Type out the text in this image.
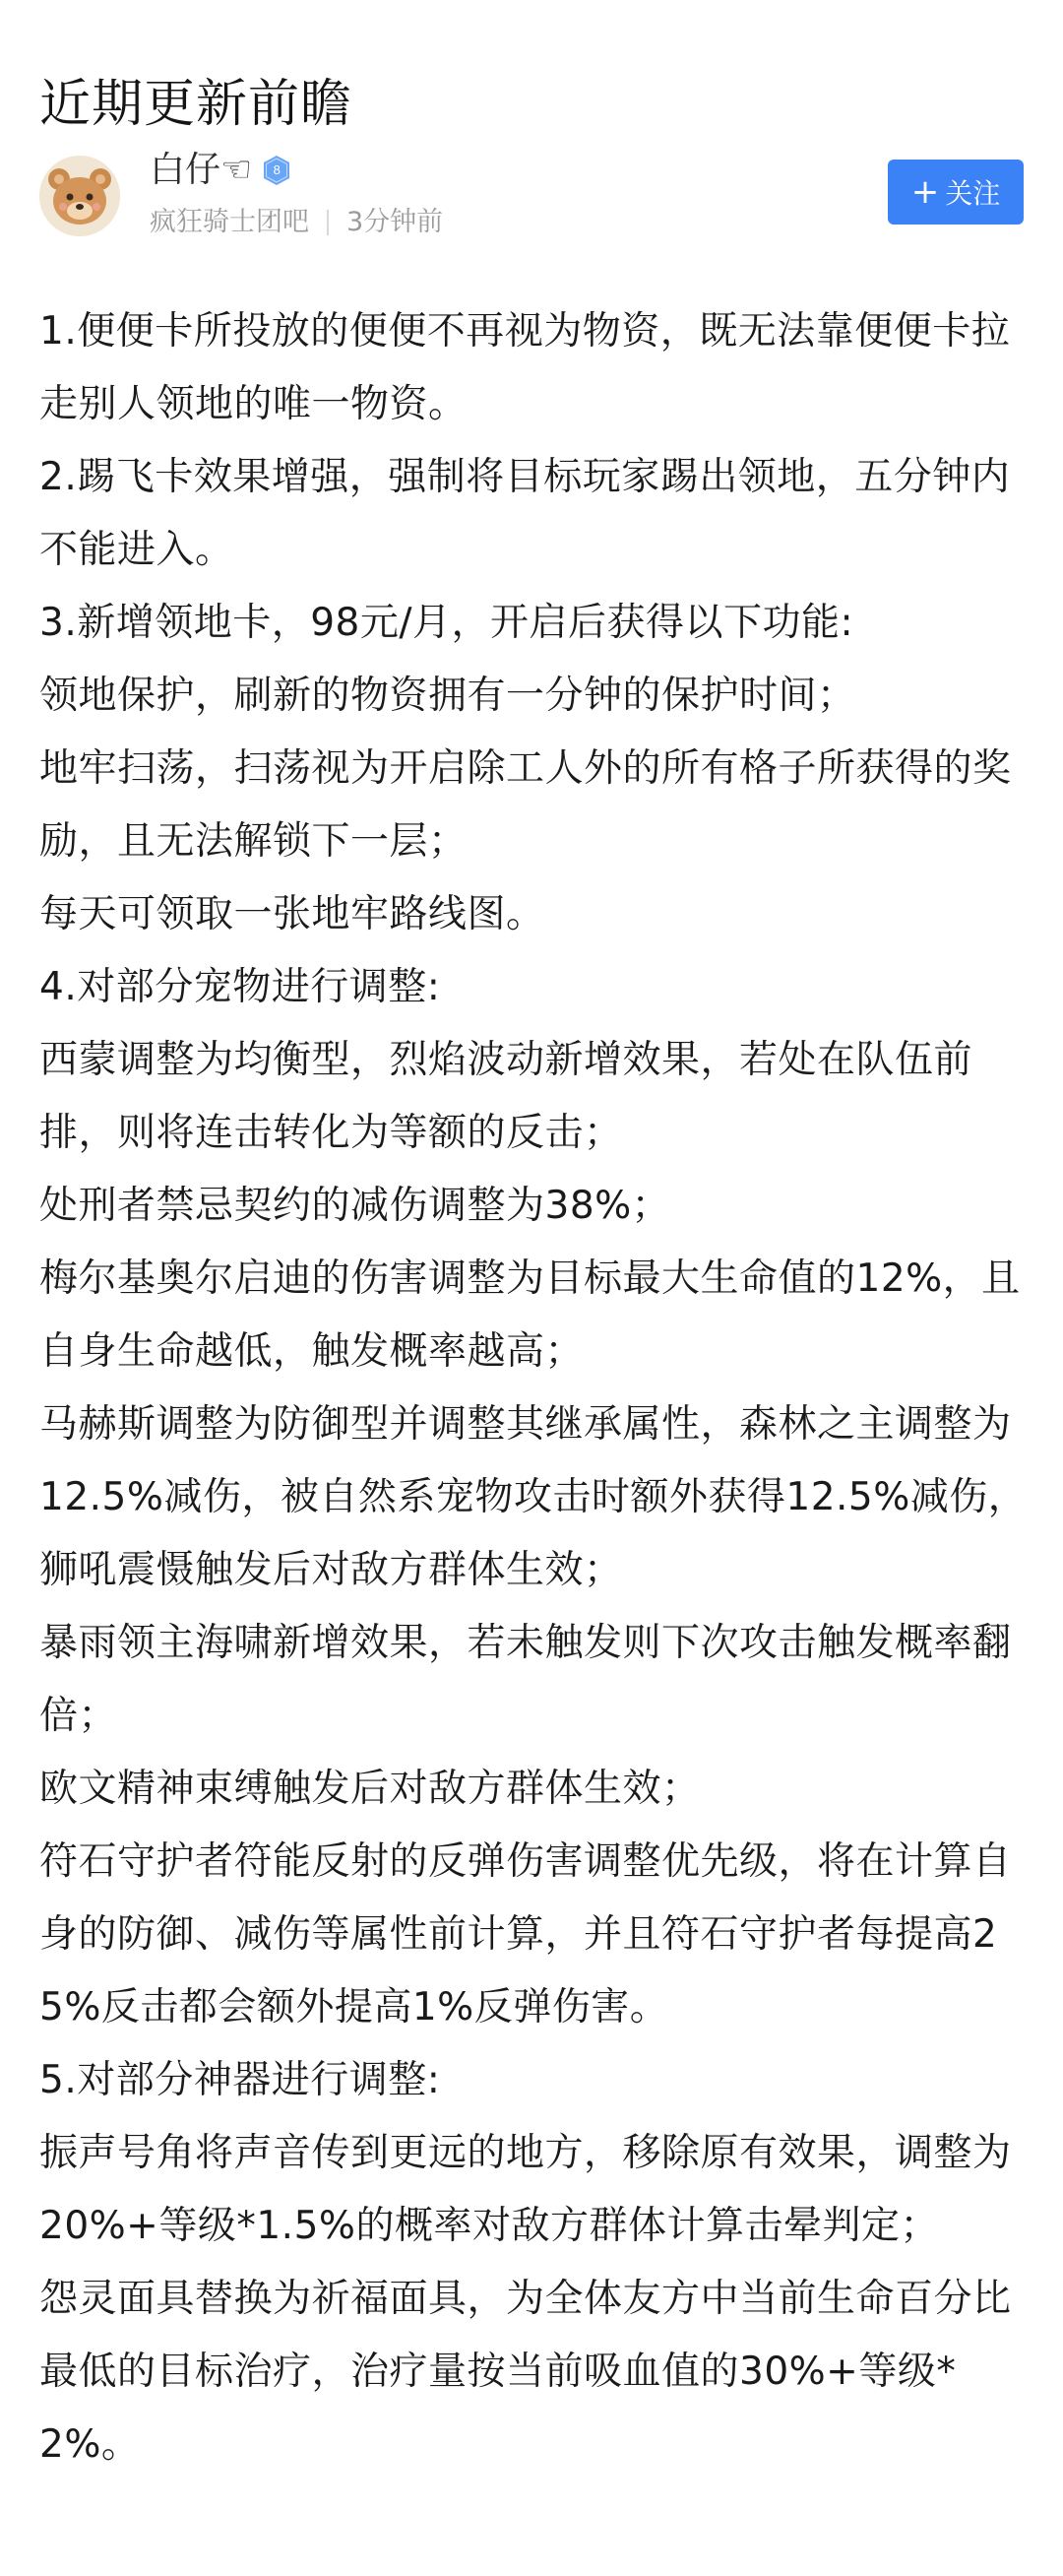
近期更新前瞻
白仔☜	8
疯狂骑士团吧 3分钟前
+ 关注

1.便便卡所投放的便便不再视为物资，既无法靠便便卡拉走别人领地的唯一物资。

2.踢飞卡效果增强，强制将目标玩家踢出领地，五分钟内不能进入。

3.新增领地卡，98元/月，开启后获得以下功能:

领地保护，刷新的物资拥有一分钟的保护时间；

地牢扫荡，扫荡视为开启除工人外的所有格子所获得的奖励，且无法解锁下一层；

每天可领取一张地牢路线图。

4.对部分宠物进行调整:

西蒙调整为均衡型，烈焰波动新增效果，若处在队伍前排，则将连击转化为等额的反击；

处刑者禁忌契约的减伤调整为38%；

梅尔基奥尔启迪的伤害调整为目标最大生命值的12%，且自身生命越低，触发概率越高；

马赫斯调整为防御型并调整其继承属性，森林之主调整为12.5%减伤，被自然系宠物攻击时额外获得12.5%减伤，狮吼震慑触发后对敌方群体生效；

暴雨领主海啸新增效果，若未触发则下次攻击触发概率翻倍；

欧文精神束缚触发后对敌方群体生效；

符石守护者符能反射的反弹伤害调整优先级，将在计算自身的防御、减伤等属性前计算，并且符石守护者每提高25%反击都会额外提高1%反弹伤害。

5.对部分神器进行调整:

振声号角将声音传到更远的地方，移除原有效果，调整为20%+等级*1.5%的概率对敌方群体计算击晕判定；

怨灵面具替换为祈福面具，为全体友方中当前生命百分比最低的目标治疗，治疗量按当前吸血值的30%+等级*2%。
